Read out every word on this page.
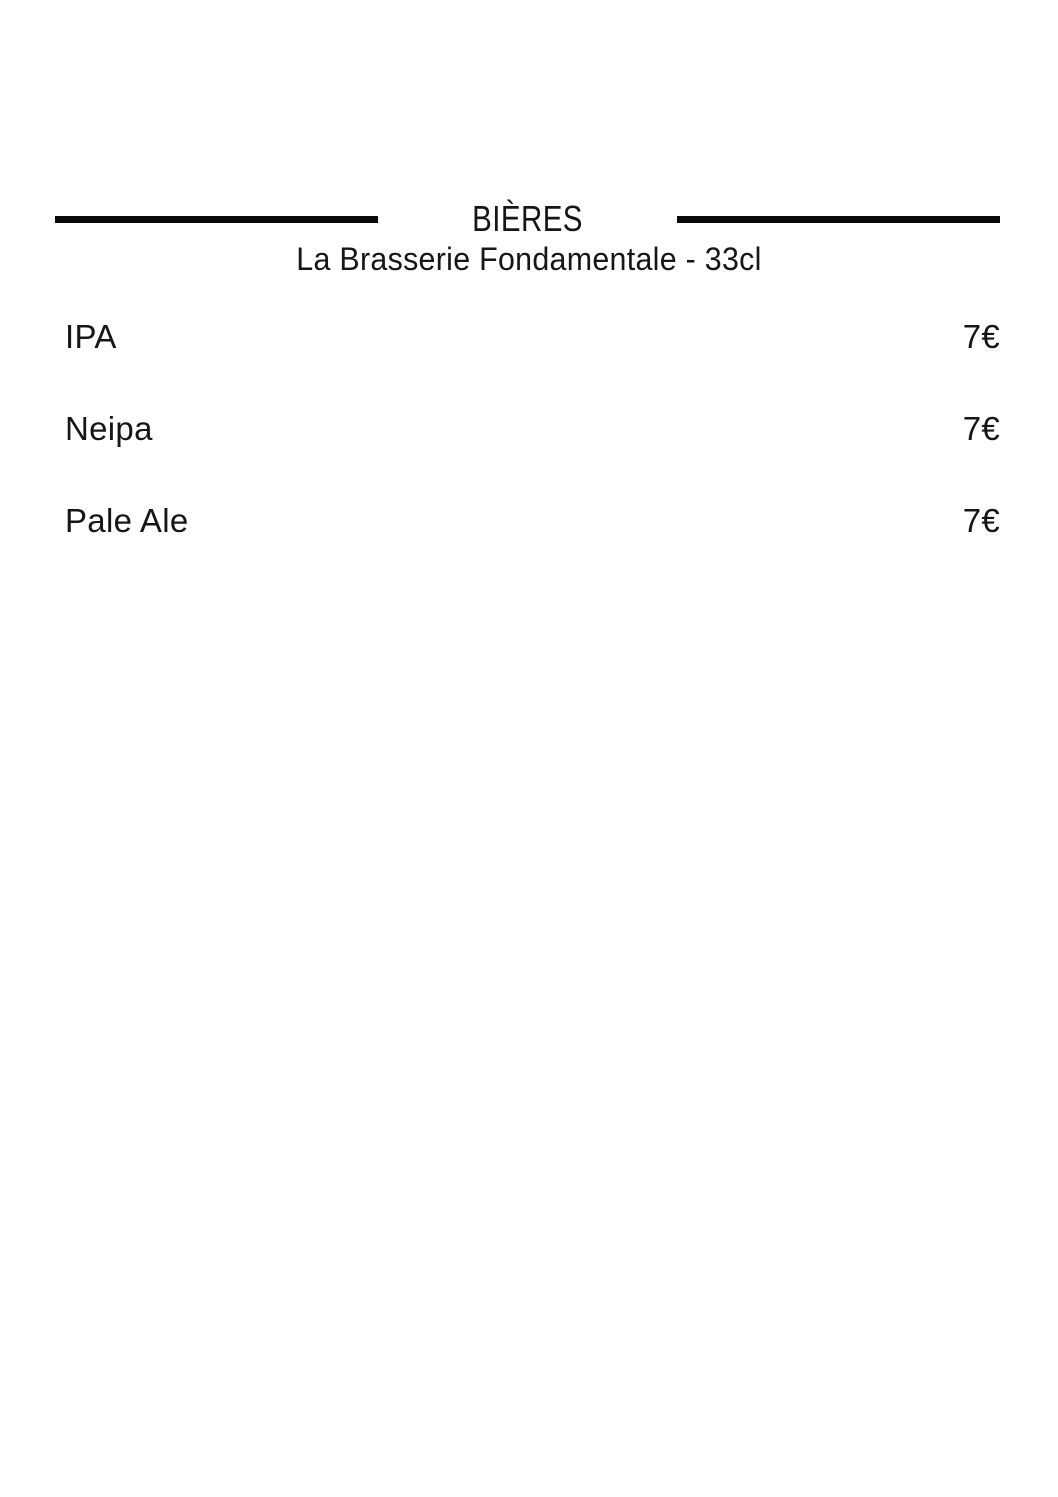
BIÈRES
La Brasserie Fondamentale - 33cl
IPA	7€
Neipa	7€
Pale Ale	7€
